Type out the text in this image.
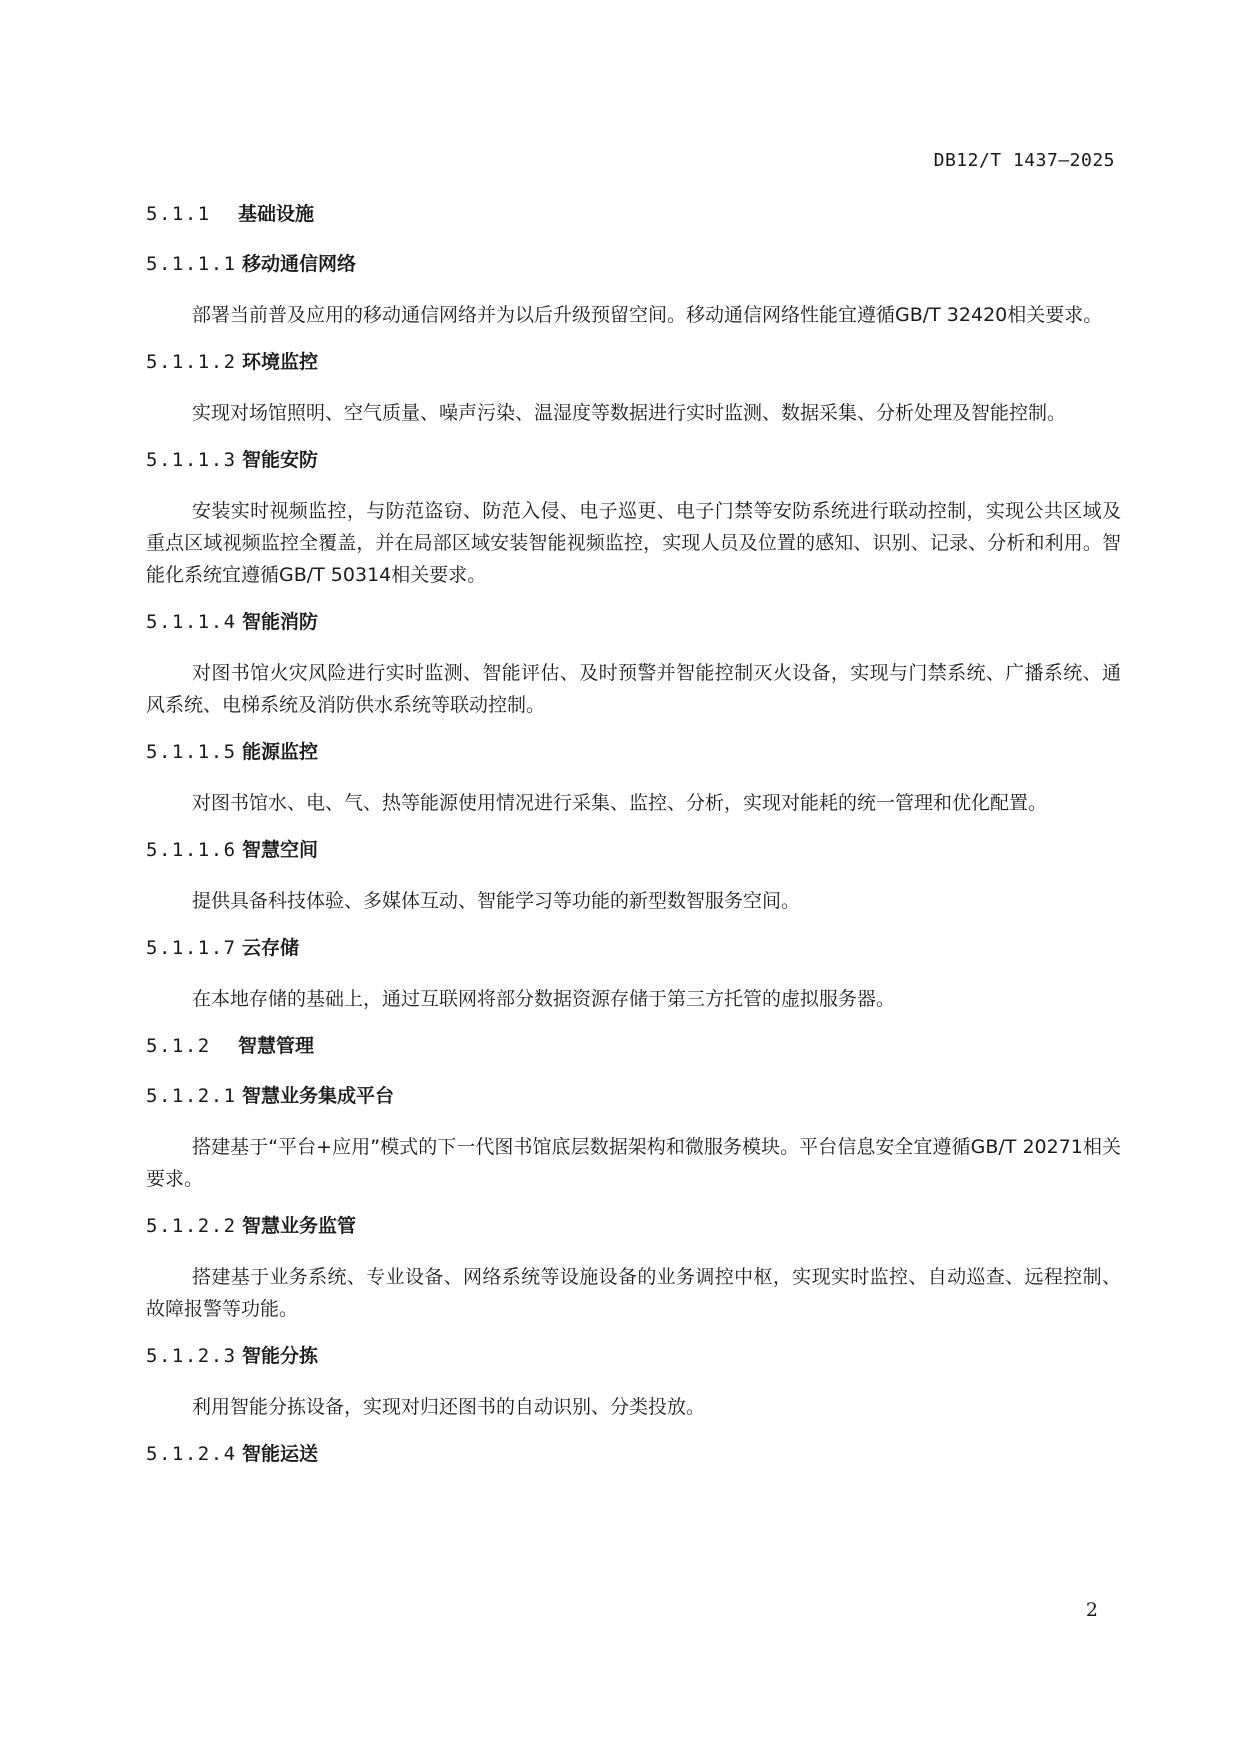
DB12/T 1437—2025
5.1.1 基础设施
5.1.1.1 移动通信网络

部署当前普及应用的移动通信网络并为以后升级预留空间。移动通信网络性能宜遵循GB/T 32420相关要求。

5.1.1.2 环境监控

实现对场馆照明、空气质量、噪声污染、温湿度等数据进行实时监测、数据采集、分析处理及智能控制。

5.1.1.3 智能安防

安装实时视频监控，与防范盗窃、防范入侵、电子巡更、电子门禁等安防系统进行联动控制，实现公共区域及重点区域视频监控全覆盖，并在局部区域安装智能视频监控，实现人员及位置的感知、识别、记录、分析和利用。智能化系统宜遵循GB/T 50314相关要求。

5.1.1.4 智能消防

对图书馆火灾风险进行实时监测、智能评估、及时预警并智能控制灭火设备，实现与门禁系统、广播系统、通风系统、电梯系统及消防供水系统等联动控制。

5.1.1.5 能源监控

对图书馆水、电、气、热等能源使用情况进行采集、监控、分析，实现对能耗的统一管理和优化配置。

5.1.1.6 智慧空间

提供具备科技体验、多媒体互动、智能学习等功能的新型数智服务空间。

5.1.1.7 云存储

在本地存储的基础上，通过互联网将部分数据资源存储于第三方托管的虚拟服务器。

5.1.2 智慧管理
5.1.2.1 智慧业务集成平台

搭建基于“平台+应用”模式的下一代图书馆底层数据架构和微服务模块。平台信息安全宜遵循GB/T 20271相关要求。

5.1.2.2 智慧业务监管

搭建基于业务系统、专业设备、网络系统等设施设备的业务调控中枢，实现实时监控、自动巡查、远程控制、故障报警等功能。

5.1.2.3 智能分拣

利用智能分拣设备，实现对归还图书的自动识别、分类投放。

5.1.2.4 智能运送
2
